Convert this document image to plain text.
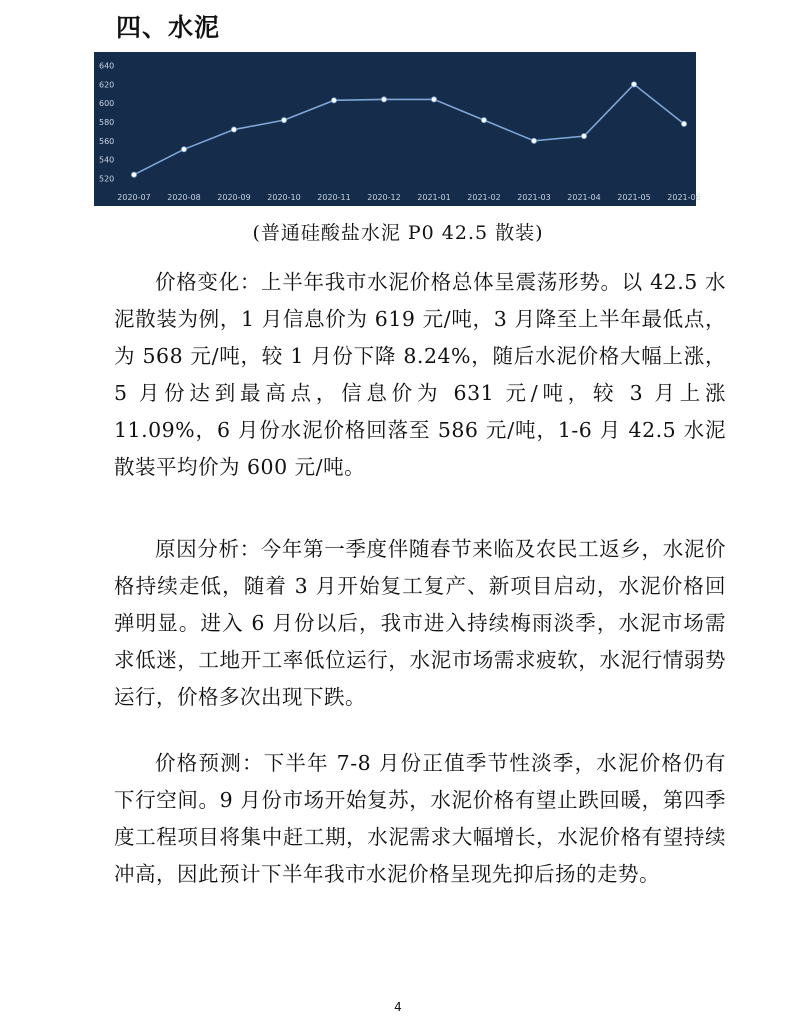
四、水泥
520
540
560
580
600
620
640
2020-07 2020-08 2020-09 2020-10 2020-11 2020-12 2021-01 2021-02 2021-03 2021-04 2021-05 2021-06
(普通硅酸盐水泥 P0 42.5 散装)
价格变化：上半年我市水泥价格总体呈震荡形势。以 42.5 水泥散装为例，1 月信息价为 619 元/吨，3 月降至上半年最低点，为 568 元/吨，较 1 月份下降 8.24%，随后水泥价格大幅上涨，5 月份达到最高点，信息价为 631 元/吨，较 3 月上涨 11.09%，6 月份水泥价格回落至 586 元/吨，1-6 月 42.5 水泥散装平均价为 600 元/吨。
原因分析：今年第一季度伴随春节来临及农民工返乡，水泥价格持续走低，随着 3 月开始复工复产、新项目启动，水泥价格回弹明显。进入 6 月份以后，我市进入持续梅雨淡季，水泥市场需求低迷，工地开工率低位运行，水泥市场需求疲软，水泥行情弱势运行，价格多次出现下跌。
价格预测：下半年 7-8 月份正值季节性淡季，水泥价格仍有下行空间。9 月份市场开始复苏，水泥价格有望止跌回暖，第四季度工程项目将集中赶工期，水泥需求大幅增长，水泥价格有望持续冲高，因此预计下半年我市水泥价格呈现先抑后扬的走势。
4
